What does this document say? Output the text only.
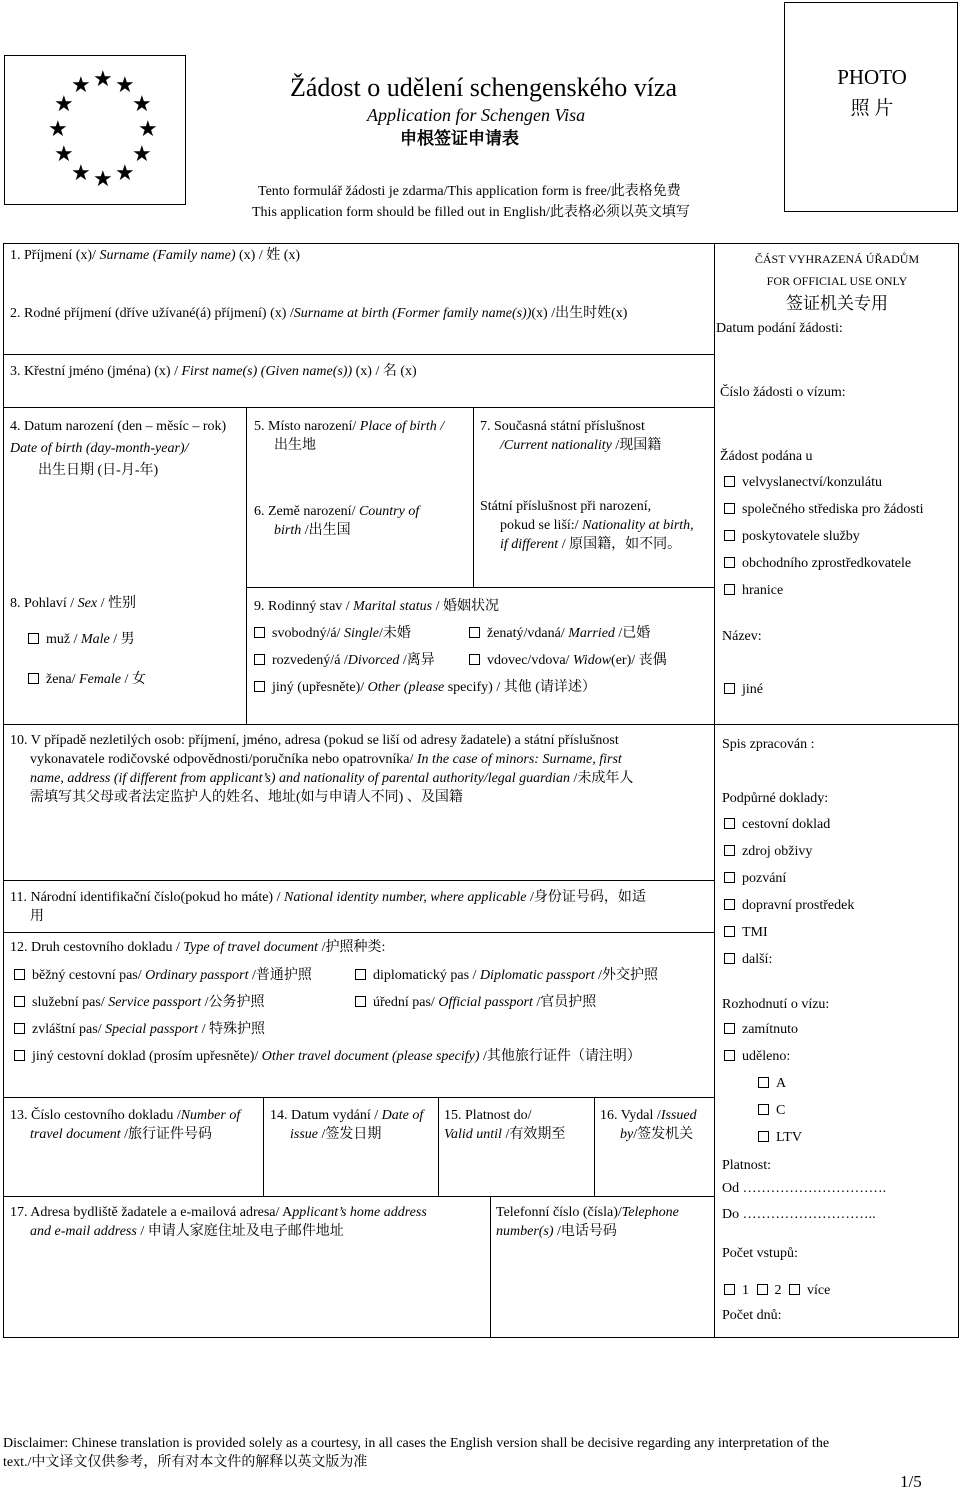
★ ★
★
★
★
★
★
★
★
★
★
★	Žádost o udělení schengenského víza
Application for Schengen Visa
申根签证申请表
Tento formulář žádosti je zdarma/This application form is free/此表格免费
This application form should be filled out in English/此表格必须以英文填写
PHOTO
照 片
1. Příjmení (x)/ Surname (Family name) (x) / 姓 (x)
2. Rodné příjmení (dříve užívané(á) příjmení) (x) /Surname at birth (Former family name(s))(x) /出生时姓(x)
3. Křestní jméno (jména) (x) / First name(s) (Given name(s)) (x) / 名 (x)
4. Datum narození (den – měsíc – rok)
Date of birth (day-month-year)/
出生日期 (日-月-年)
5. Místo narození/ Place of birth /
出生地
6. Země narození/ Country of
birth /出生国
7. Současná státní příslušnost
/Current nationality /现国籍
Státní příslušnost při narození,
pokud se liší:/ Nationality at birth,
if different / 原国籍，如不同。
8. Pohlaví / Sex / 性别
muž / Male / 男
žena/ Female / 女
9. Rodinný stav / Marital status / 婚姻状况
svobodný/á/ Single/未婚	ženatý/vdaná/ Married /已婚
rozvedený/á /Divorced /离异	vdovec/vdova/ Widow(er)/ 丧偶
jiný (upřesněte)/ Other (please specify) / 其他 (请详述）
10. V případě nezletilých osob: příjmení, jméno, adresa (pokud se liší od adresy žadatele) a státní příslušnost
vykonavatele rodičovské odpovědnosti/poručníka nebo opatrovníka/ In the case of minors: Surname, first
name, address (if different from applicant’s) and nationality of parental authority/legal guardian /未成年人
需填写其父母或者法定监护人的姓名、地址(如与申请人不同) 、及国籍
11. Národní identifikační číslo(pokud ho máte) / National identity number, where applicable /身份证号码，如适
用
12. Druh cestovního dokladu / Type of travel document /护照种类:
běžný cestovní pas/ Ordinary passport /普通护照	diplomatický pas / Diplomatic passport /外交护照
služební pas/ Service passport /公务护照	úřední pas/ Official passport /官员护照
zvláštní pas/ Special passport / 特殊护照
jiný cestovní doklad (prosím upřesněte)/ Other travel document (please specify) /其他旅行证件（请注明）
13. Číslo cestovního dokladu /Number of
travel document /旅行证件号码
14. Datum vydání / Date of
issue /签发日期
15. Platnost do/
Valid until /有效期至
16. Vydal /Issued
by/签发机关
17. Adresa bydliště žadatele a e-mailová adresa/ Applicant’s home address
and e-mail address / 申请人家庭住址及电子邮件地址
Telefonní číslo (čísla)/Telephone
number(s) /电话号码
ČÁST VYHRAZENÁ ÚŘADŮM
FOR OFFICIAL USE ONLY
签证机关专用
Datum podání žádosti:
Číslo žádosti o vízum:
Žádost podána u
velvyslanectví/konzulátu
společného střediska pro žádosti
poskytovatele služby
obchodního zprostředkovatele
hranice
Název:
jiné
Spis zpracován :
Podpůrné doklady:
cestovní doklad
zdroj obživy
pozvání
dopravní prostředek
TMI
další:
Rozhodnutí o vízu:
zamítnuto
uděleno:
A
C
LTV
Platnost:
Od ………………………….
Do ………………………..
Počet vstupů:
1 2 více
Počet dnů:
Disclaimer: Chinese translation is provided solely as a courtesy, in all cases the English version shall be decisive regarding any interpretation of the
text./中文译文仅供参考，所有对本文件的解释以英文版为准
1/5
